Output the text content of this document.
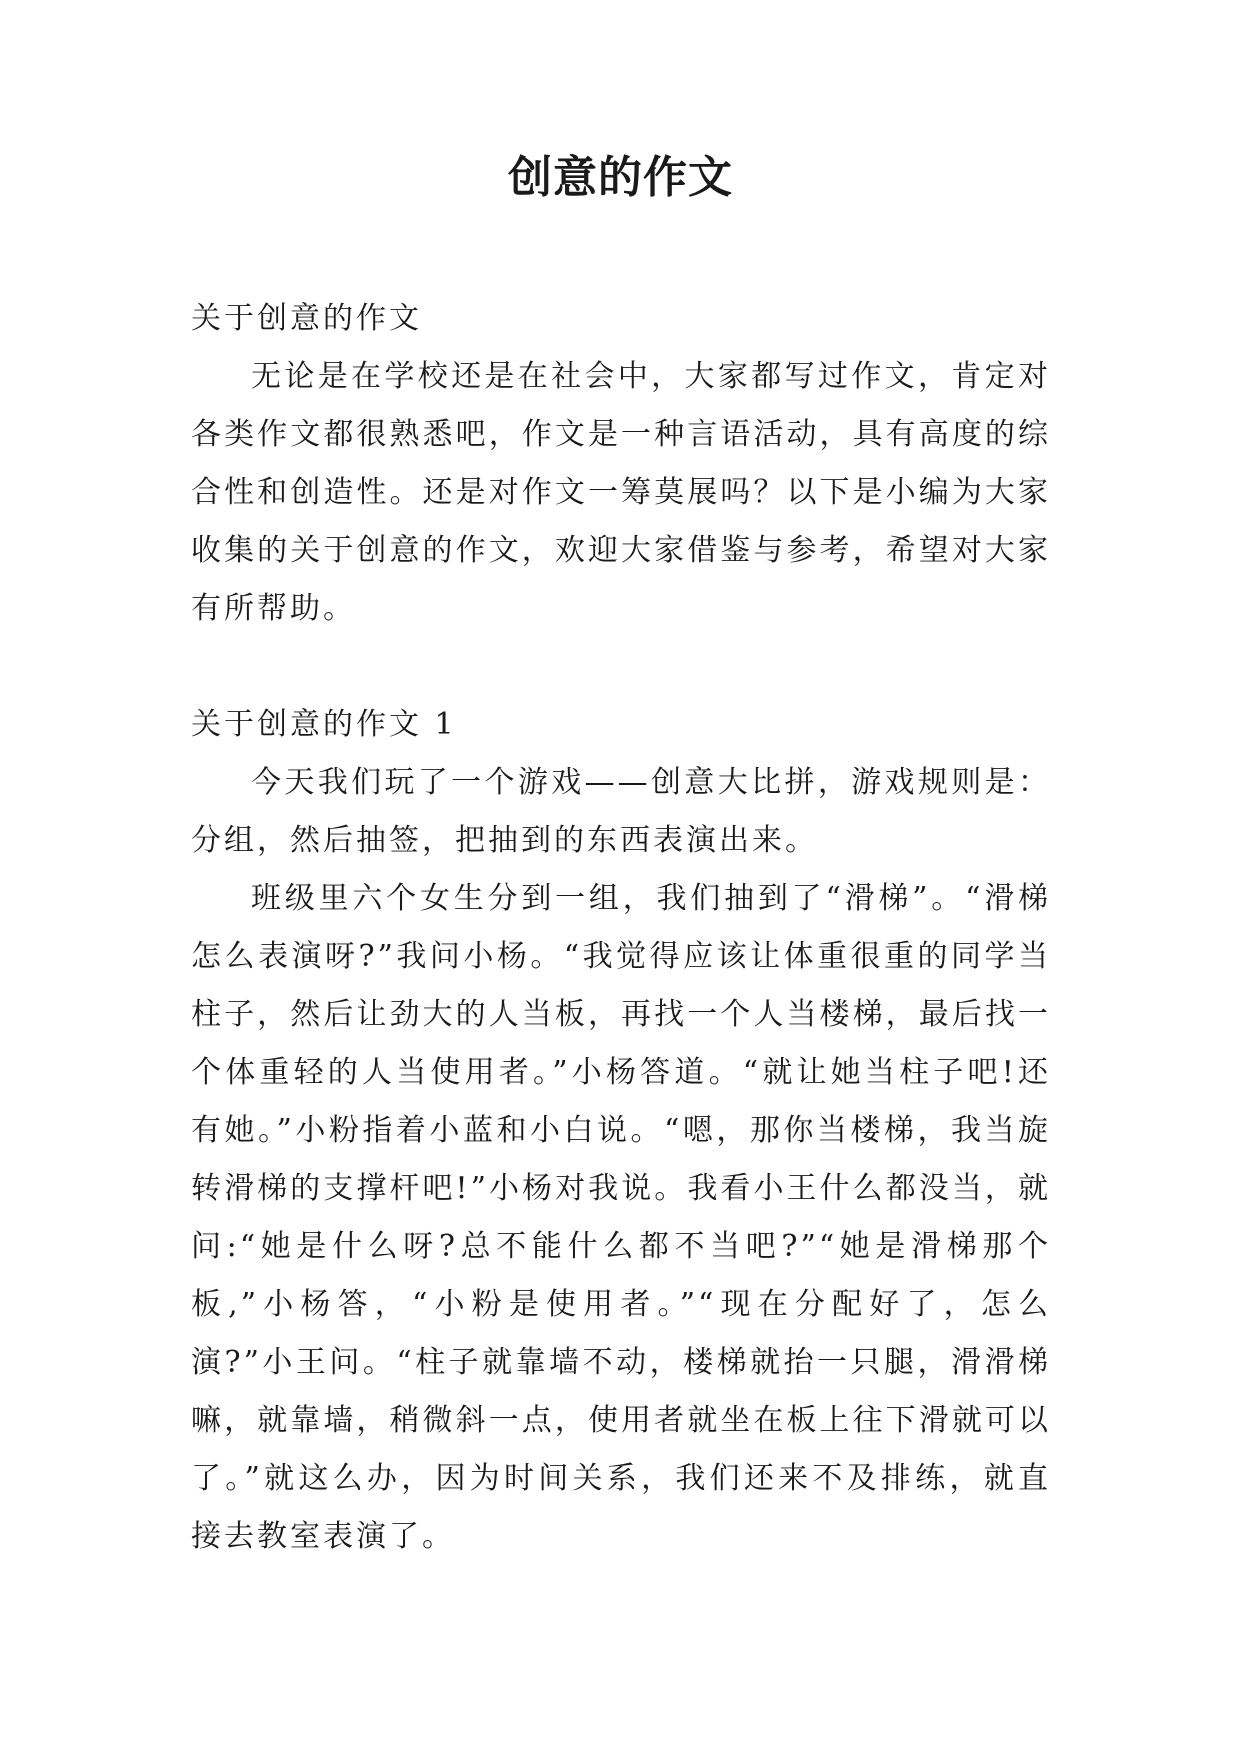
创意的作文

关于创意的作文

无论是在学校还是在社会中，大家都写过作文，肯定对各类作文都很熟悉吧，作文是一种言语活动，具有高度的综合性和创造性。还是对作文一筹莫展吗？以下是小编为大家收集的关于创意的作文，欢迎大家借鉴与参考，希望对大家有所帮助。

关于创意的作文 1

今天我们玩了一个游戏——创意大比拼，游戏规则是：分组，然后抽签，把抽到的东西表演出来。

班级里六个女生分到一组，我们抽到了“滑梯”。“滑梯怎么表演呀?”我问小杨。“我觉得应该让体重很重的同学当柱子，然后让劲大的人当板，再找一个人当楼梯，最后找一个体重轻的人当使用者。”小杨答道。“就让她当柱子吧!还有她。”小粉指着小蓝和小白说。“嗯，那你当楼梯，我当旋转滑梯的支撑杆吧!”小杨对我说。我看小王什么都没当，就问:“她是什么呀?总不能什么都不当吧?”“她是滑梯那个板,”小杨答，“小粉是使用者。”“现在分配好了，怎么演?”小王问。“柱子就靠墙不动，楼梯就抬一只腿，滑滑梯嘛，就靠墙，稍微斜一点，使用者就坐在板上往下滑就可以了。”就这么办，因为时间关系，我们还来不及排练，就直接去教室表演了。
